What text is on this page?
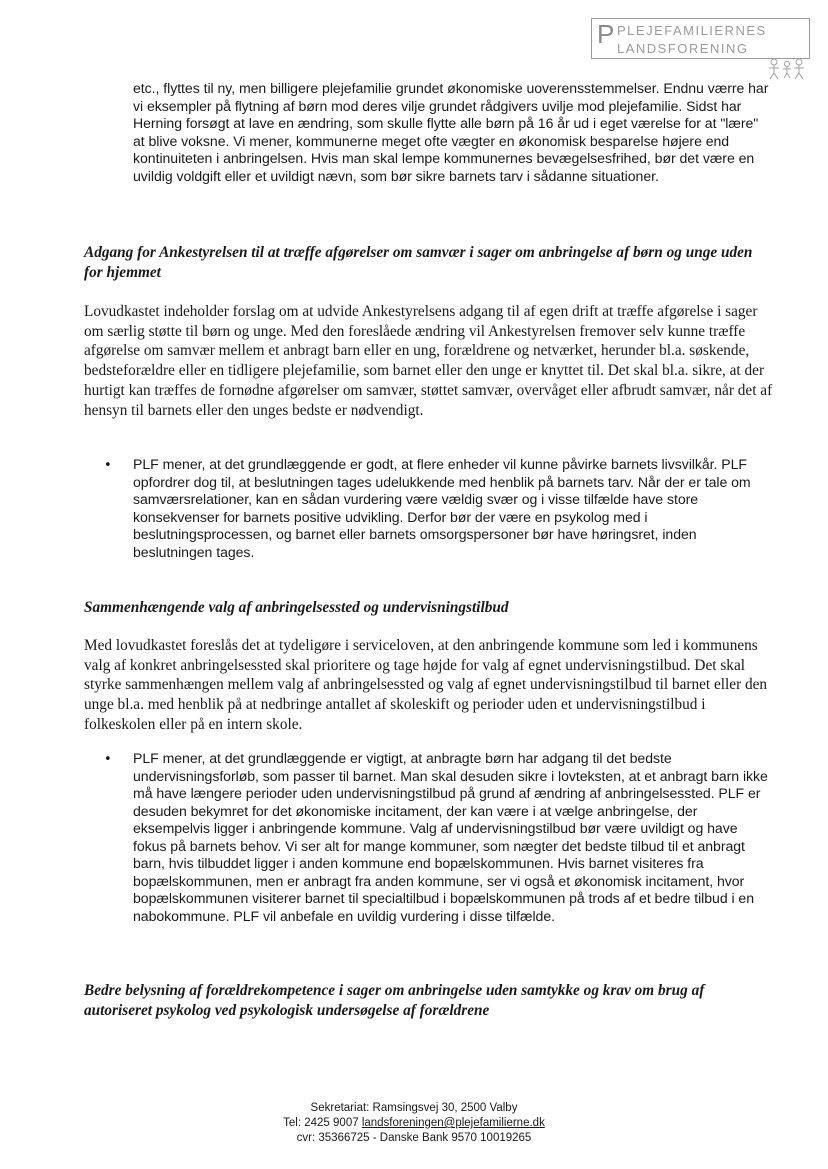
P PLEJEFAMILIERNES
LANDSFORENING

etc., flyttes til ny, men billigere plejefamilie grundet økonomiske uoverensstemmelser. Endnu værre har vi eksempler på flytning af børn mod deres vilje grundet rådgivers uvilje mod plejefamilie. Sidst har Herning forsøgt at lave en ændring, som skulle flytte alle børn på 16 år ud i eget værelse for at "lære" at blive voksne. Vi mener, kommunerne meget ofte vægter en økonomisk besparelse højere end kontinuiteten i anbringelsen. Hvis man skal lempe kommunernes bevægelsesfrihed, bør det være en uvildig voldgift eller et uvildigt nævn, som bør sikre barnets tarv i sådanne situationer.

Adgang for Ankestyrelsen til at træffe afgørelser om samvær i sager om anbringelse af børn og unge uden for hjemmet

Lovudkastet indeholder forslag om at udvide Ankestyrelsens adgang til af egen drift at træffe afgørelse i sager om særlig støtte til børn og unge. Med den foreslåede ændring vil Ankestyrelsen fremover selv kunne træffe afgørelse om samvær mellem et anbragt barn eller en ung, forældrene og netværket, herunder bl.a. søskende, bedsteforældre eller en tidligere plejefamilie, som barnet eller den unge er knyttet til. Det skal bl.a. sikre, at der hurtigt kan træffes de fornødne afgørelser om samvær, støttet samvær, overvåget eller afbrudt samvær, når det af hensyn til barnets eller den unges bedste er nødvendigt.

• PLF mener, at det grundlæggende er godt, at flere enheder vil kunne påvirke barnets livsvilkår. PLF opfordrer dog til, at beslutningen tages udelukkende med henblik på barnets tarv. Når der er tale om samværsrelationer, kan en sådan vurdering være vældig svær og i visse tilfælde have store konsekvenser for barnets positive udvikling. Derfor bør der være en psykolog med i beslutningsprocessen, og barnet eller barnets omsorgspersoner bør have høringsret, inden beslutningen tages.

Sammenhængende valg af anbringelsessted og undervisningstilbud

Med lovudkastet foreslås det at tydeligøre i serviceloven, at den anbringende kommune som led i kommunens valg af konkret anbringelsessted skal prioritere og tage højde for valg af egnet undervisningstilbud. Det skal styrke sammenhængen mellem valg af anbringelsessted og valg af egnet undervisningstilbud til barnet eller den unge bl.a. med henblik på at nedbringe antallet af skoleskift og perioder uden et undervisningstilbud i folkeskolen eller på en intern skole.

• PLF mener, at det grundlæggende er vigtigt, at anbragte børn har adgang til det bedste undervisningsforløb, som passer til barnet. Man skal desuden sikre i lovteksten, at et anbragt barn ikke må have længere perioder uden undervisningstilbud på grund af ændring af anbringelsessted. PLF er desuden bekymret for det økonomiske incitament, der kan være i at vælge anbringelse, der eksempelvis ligger i anbringende kommune. Valg af undervisningstilbud bør være uvildigt og have fokus på barnets behov. Vi ser alt for mange kommuner, som nægter det bedste tilbud til et anbragt barn, hvis tilbuddet ligger i anden kommune end bopælskommunen. Hvis barnet visiteres fra bopælskommunen, men er anbragt fra anden kommune, ser vi også et økonomisk incitament, hvor bopælskommunen visiterer barnet til specialtilbud i bopælskommunen på trods af et bedre tilbud i en nabokommune. PLF vil anbefale en uvildig vurdering i disse tilfælde.

Bedre belysning af forældrekompetence i sager om anbringelse uden samtykke og krav om brug af autoriseret psykolog ved psykologisk undersøgelse af forældrene
Sekretariat: Ramsingsvej 30, 2500 Valby
Tel: 2425 9007 landsforeningen@plejefamilierne.dk
cvr: 35366725 - Danske Bank 9570 10019265
